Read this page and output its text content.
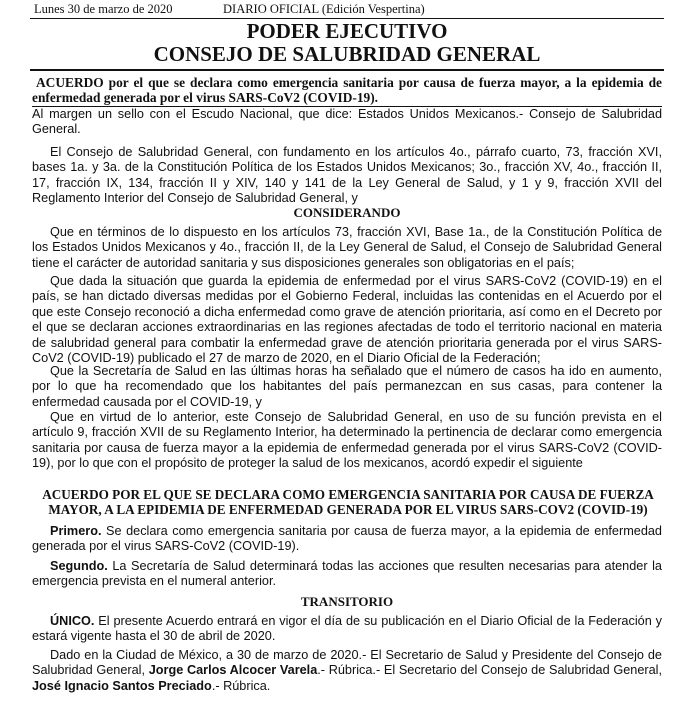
Lunes 30 de marzo de 2020	DIARIO OFICIAL (Edición Vespertina)
PODER EJECUTIVO
CONSEJO DE SALUBRIDAD GENERAL
ACUERDO por el que se declara como emergencia sanitaria por causa de fuerza mayor, a la epidemia de enfermedad generada por el virus SARS-CoV2 (COVID-19).

Al margen un sello con el Escudo Nacional, que dice: Estados Unidos Mexicanos.- Consejo de Salubridad General.

El Consejo de Salubridad General, con fundamento en los artículos 4o., párrafo cuarto, 73, fracción XVI, bases 1a. y 3a. de la Constitución Política de los Estados Unidos Mexicanos; 3o., fracción XV, 4o., fracción II, 17, fracción IX, 134, fracción II y XIV, 140 y 141 de la Ley General de Salud, y 1 y 9, fracción XVII del Reglamento Interior del Consejo de Salubridad General, y

CONSIDERANDO

Que en términos de lo dispuesto en los artículos 73, fracción XVI, Base 1a., de la Constitución Política de los Estados Unidos Mexicanos y 4o., fracción II, de la Ley General de Salud, el Consejo de Salubridad General tiene el carácter de autoridad sanitaria y sus disposiciones generales son obligatorias en el país;

Que dada la situación que guarda la epidemia de enfermedad por el virus SARS-CoV2 (COVID-19) en el país, se han dictado diversas medidas por el Gobierno Federal, incluidas las contenidas en el Acuerdo por el que este Consejo reconoció a dicha enfermedad como grave de atención prioritaria, así como en el Decreto por el que se declaran acciones extraordinarias en las regiones afectadas de todo el territorio nacional en materia de salubridad general para combatir la enfermedad grave de atención prioritaria generada por el virus SARS-CoV2 (COVID-19) publicado el 27 de marzo de 2020, en el Diario Oficial de la Federación;

Que la Secretaría de Salud en las últimas horas ha señalado que el número de casos ha ido en aumento, por lo que ha recomendado que los habitantes del país permanezcan en sus casas, para contener la enfermedad causada por el COVID-19, y

Que en virtud de lo anterior, este Consejo de Salubridad General, en uso de su función prevista en el artículo 9, fracción XVII de su Reglamento Interior, ha determinado la pertinencia de declarar como emergencia sanitaria por causa de fuerza mayor a la epidemia de enfermedad generada por el virus SARS-CoV2 (COVID-19), por lo que con el propósito de proteger la salud de los mexicanos, acordó expedir el siguiente

ACUERDO POR EL QUE SE DECLARA COMO EMERGENCIA SANITARIA POR CAUSA DE FUERZA MAYOR, A LA EPIDEMIA DE ENFERMEDAD GENERADA POR EL VIRUS SARS-COV2 (COVID-19)

Primero. Se declara como emergencia sanitaria por causa de fuerza mayor, a la epidemia de enfermedad generada por el virus SARS-CoV2 (COVID-19).

Segundo. La Secretaría de Salud determinará todas las acciones que resulten necesarias para atender la emergencia prevista en el numeral anterior.

TRANSITORIO

ÚNICO. El presente Acuerdo entrará en vigor el día de su publicación en el Diario Oficial de la Federación y estará vigente hasta el 30 de abril de 2020.

Dado en la Ciudad de México, a 30 de marzo de 2020.- El Secretario de Salud y Presidente del Consejo de Salubridad General, Jorge Carlos Alcocer Varela.- Rúbrica.- El Secretario del Consejo de Salubridad General, José Ignacio Santos Preciado.- Rúbrica.
